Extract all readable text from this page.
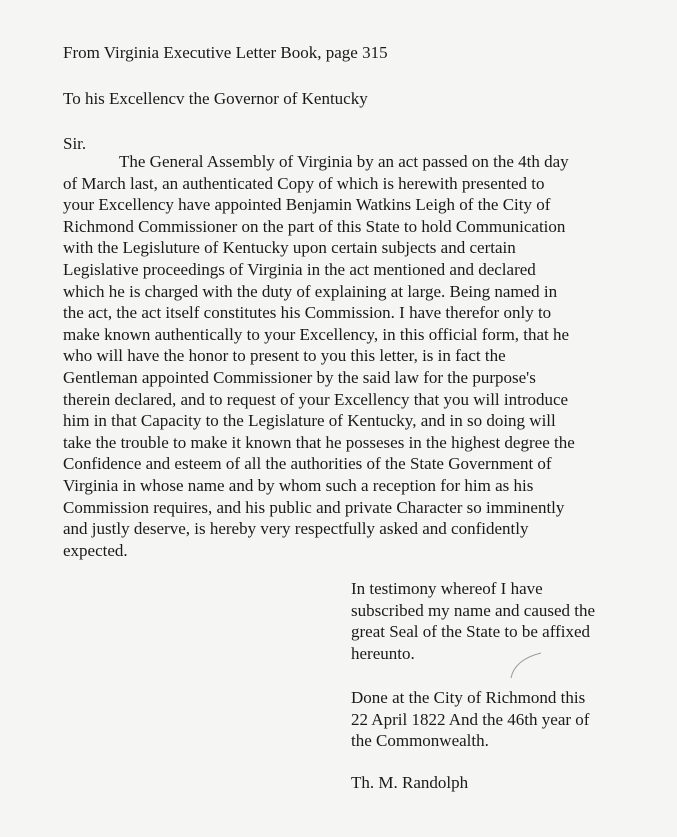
From Virginia Executive Letter Book, page 315
To his Excellencv the Governor of Kentucky
Sir.
The General Assembly of Virginia by an act passed on the 4th day
of March last, an authenticated Copy of which is herewith presented to
your Excellency have appointed Benjamin Watkins Leigh of the City of
Richmond Commissioner on the part of this State to hold Communication
with the Legisluture of Kentucky upon certain subjects and certain
Legislative proceedings of Virginia in the act mentioned and declared
which he is charged with the duty of explaining at large. Being named in
the act, the act itself constitutes his Commission. I have therefor only to
make known authentically to your Excellency, in this official form, that he
who will have the honor to present to you this letter, is in fact the
Gentleman appointed Commissioner by the said law for the purpose's
therein declared, and to request of your Excellency that you will introduce
him in that Capacity to the Legislature of Kentucky, and in so doing will
take the trouble to make it known that he posseses in the highest degree the
Confidence and esteem of all the authorities of the State Government of
Virginia in whose name and by whom such a reception for him as his
Commission requires, and his public and private Character so imminently
and justly deserve, is hereby very respectfully asked and confidently
expected.
In testimony whereof I have
subscribed my name and caused the
great Seal of the State to be affixed
hereunto.
Done at the City of Richmond this
22 April 1822 And the 46th year of
the Commonwealth.
Th. M. Randolph
